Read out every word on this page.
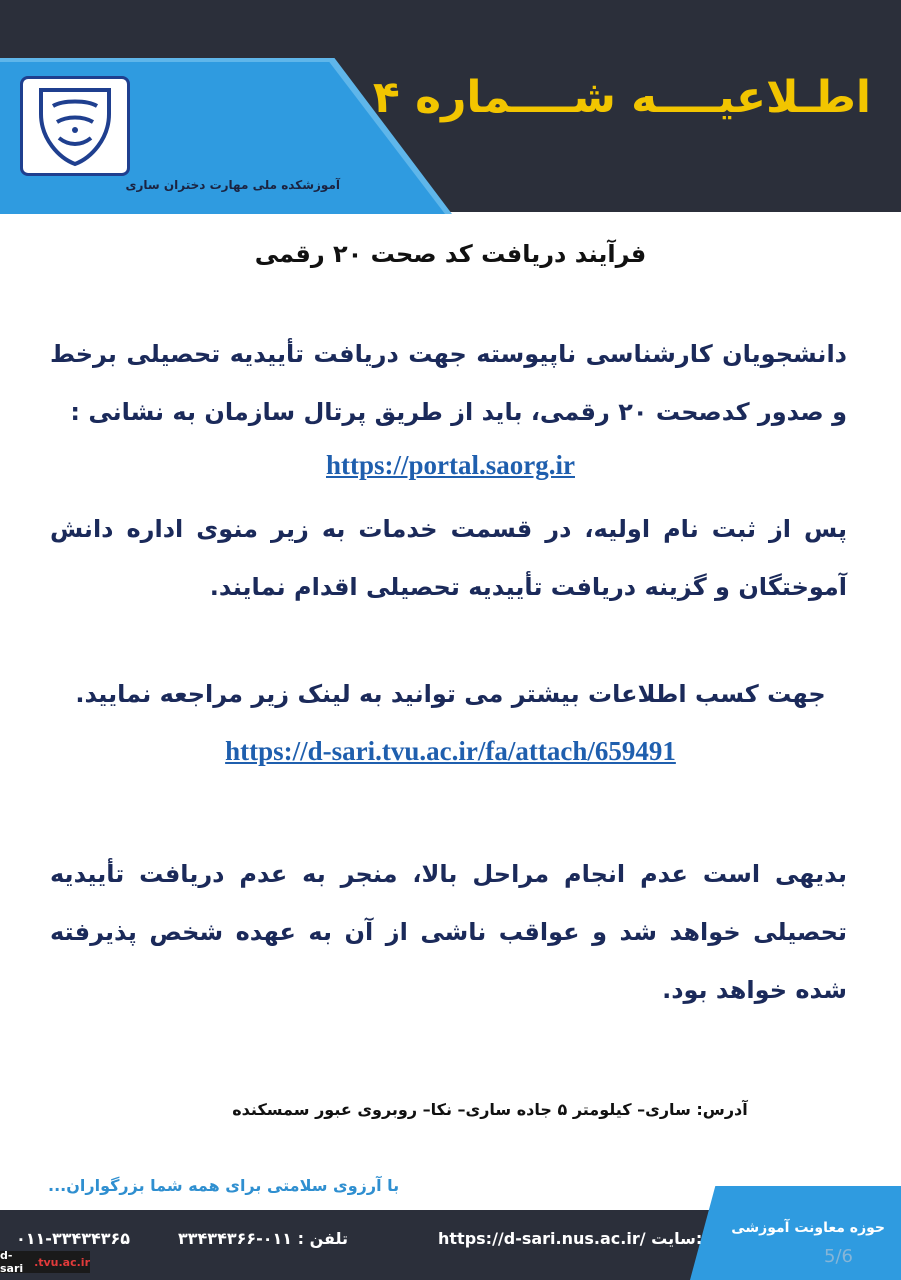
آموزشکده ملی مهارت دختران ساری
اطـلاعیــــه شــــماره ۴
فرآیند دریافت کد صحت ۲۰ رقمی
دانشجویان کارشناسی ناپیوسته جهت دریافت تأییدیه تحصیلی برخط و صدور کدصحت ۲۰ رقمی، باید از طریق پرتال سازمان به نشانی :
https://portal.saorg.ir
پس از ثبت نام اولیه، در قسمت خدمات به زیر منوی اداره دانش آموختگان و گزینه دریافت تأییدیه تحصیلی اقدام نمایند.
جهت کسب اطلاعات بیشتر می توانید به لینک زیر مراجعه نمایید.
https://d-sari.tvu.ac.ir/fa/attach/659491
بدیهی است عدم انجام مراحل بالا، منجر به عدم دریافت تأییدیه تحصیلی خواهد شد و عواقب ناشی از آن به عهده شخص پذیرفته شده خواهد بود.
آدرس: ساری– کیلومتر ۵ جاده ساری– نکا– روبروی عبور سمسکنده
با آرزوی سلامتی برای همه شما بزرگواران...
حوزه معاونت آموزشی
5/6
https://d-sari.nus.ac.ir/ سایت:
تلفن : ۰۱۱-۳۳۴۳۴۳۶۶
۰۱۱-۳۳۴۳۴۳۶۵
d-sari .tvu.ac.ir
